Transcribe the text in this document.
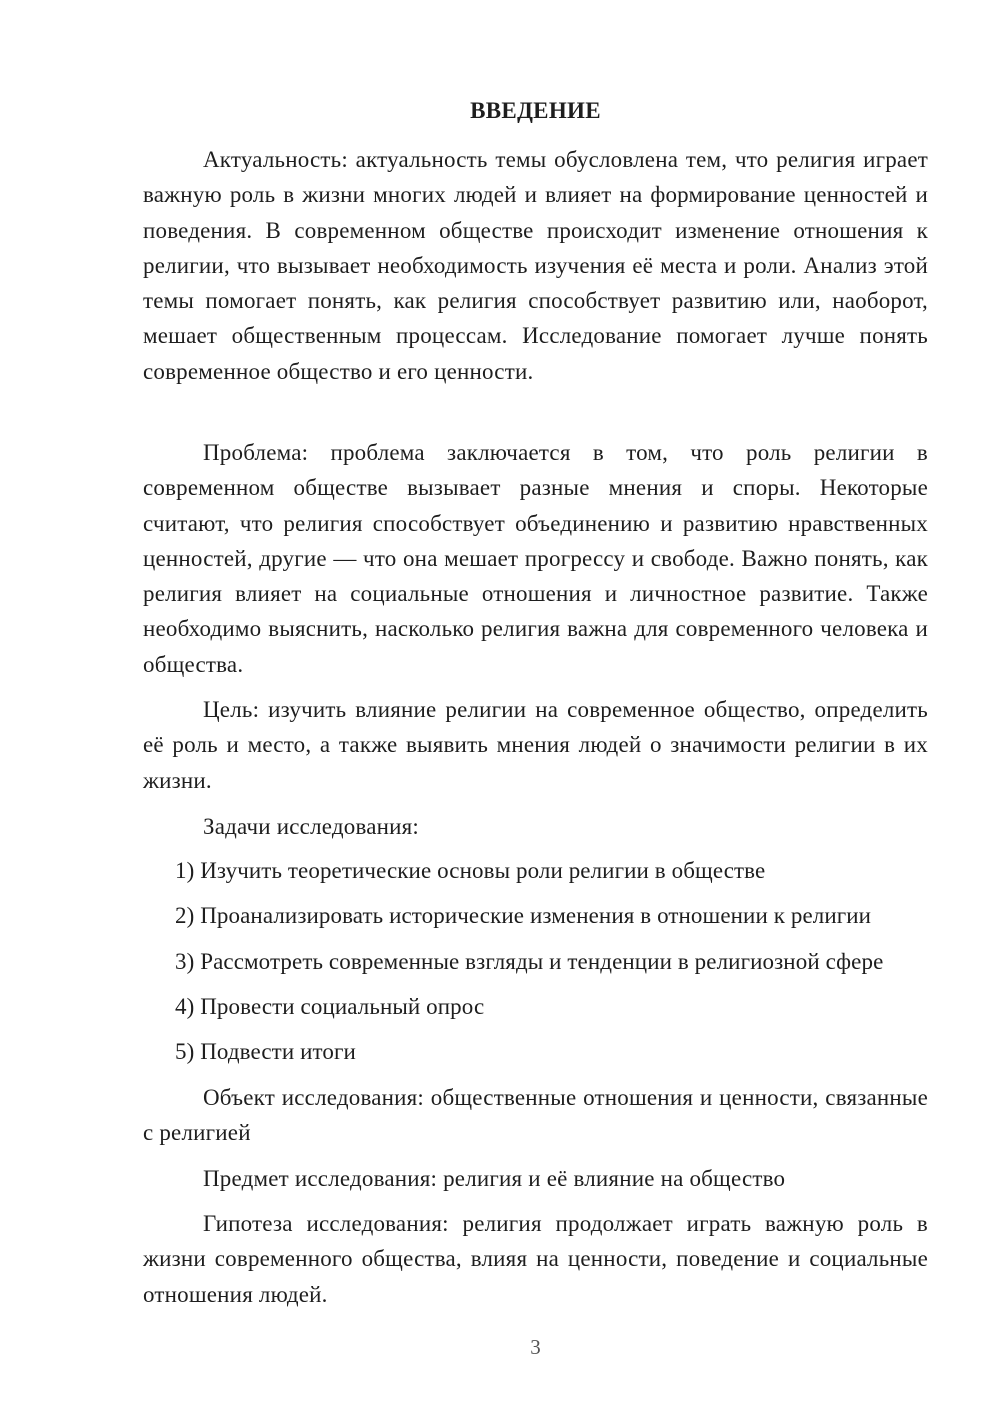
ВВЕДЕНИЕ

Актуальность: актуальность темы обусловлена тем, что религия играет важную роль в жизни многих людей и влияет на формирование ценностей и поведения. В современном обществе происходит изменение отношения к религии, что вызывает необходимость изучения её места и роли. Анализ этой темы помогает понять, как религия способствует развитию или, наоборот, мешает общественным процессам. Исследование помогает лучше понять современное общество и его ценности.

Проблема: проблема заключается в том, что роль религии в современном обществе вызывает разные мнения и споры. Некоторые считают, что религия способствует объединению и развитию нравственных ценностей, другие — что она мешает прогрессу и свободе. Важно понять, как религия влияет на социальные отношения и личностное развитие. Также необходимо выяснить, насколько религия важна для современного человека и общества.

Цель: изучить влияние религии на современное общество, определить её роль и место, а также выявить мнения людей о значимости религии в их жизни.

Задачи исследования:

1) Изучить теоретические основы роли религии в обществе

2) Проанализировать исторические изменения в отношении к религии

3) Рассмотреть современные взгляды и тенденции в религиозной сфере

4) Провести социальный опрос

5) Подвести итоги

Объект исследования: общественные отношения и ценности, связанные с религией

Предмет исследования: религия и её влияние на общество

Гипотеза исследования: религия продолжает играть важную роль в жизни современного общества, влияя на ценности, поведение и социальные отношения людей.

3
